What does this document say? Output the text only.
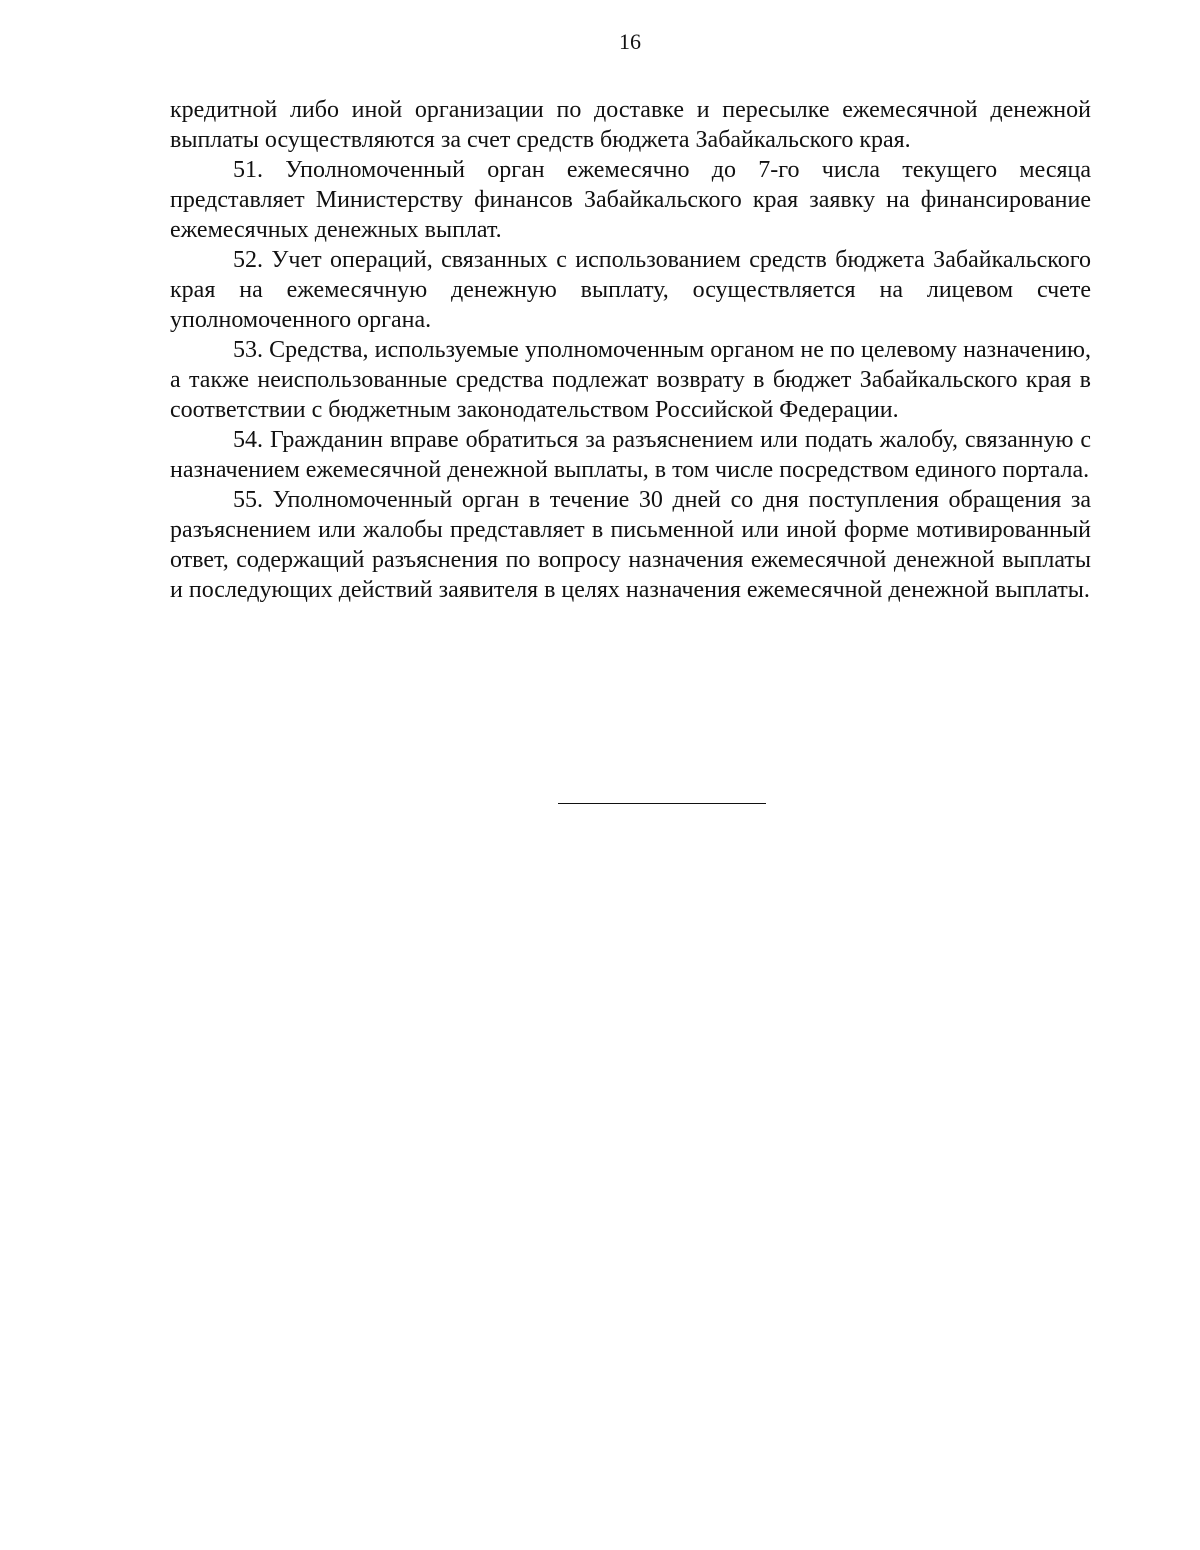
16

кредитной либо иной организации по доставке и пересылке ежемесячной денежной выплаты осуществляются за счет средств бюджета Забайкальского края.

51. Уполномоченный орган ежемесячно до 7-го числа текущего месяца представляет Министерству финансов Забайкальского края заявку на финансирование ежемесячных денежных выплат.

52. Учет операций, связанных с использованием средств бюджета Забайкальского края на ежемесячную денежную выплату, осуществляется на лицевом счете уполномоченного органа.

53. Средства, используемые уполномоченным органом не по целевому назначению, а также неиспользованные средства подлежат возврату в бюджет Забайкальского края в соответствии с бюджетным законодательством Российской Федерации.

54. Гражданин вправе обратиться за разъяснением или подать жалобу, связанную с назначением ежемесячной денежной выплаты, в том числе посредством единого портала.

55. Уполномоченный орган в течение 30 дней со дня поступления обращения за разъяснением или жалобы представляет в письменной или иной форме мотивированный ответ, содержащий разъяснения по вопросу назначения ежемесячной денежной выплаты и последующих действий заявителя в целях назначения ежемесячной денежной выплаты.
